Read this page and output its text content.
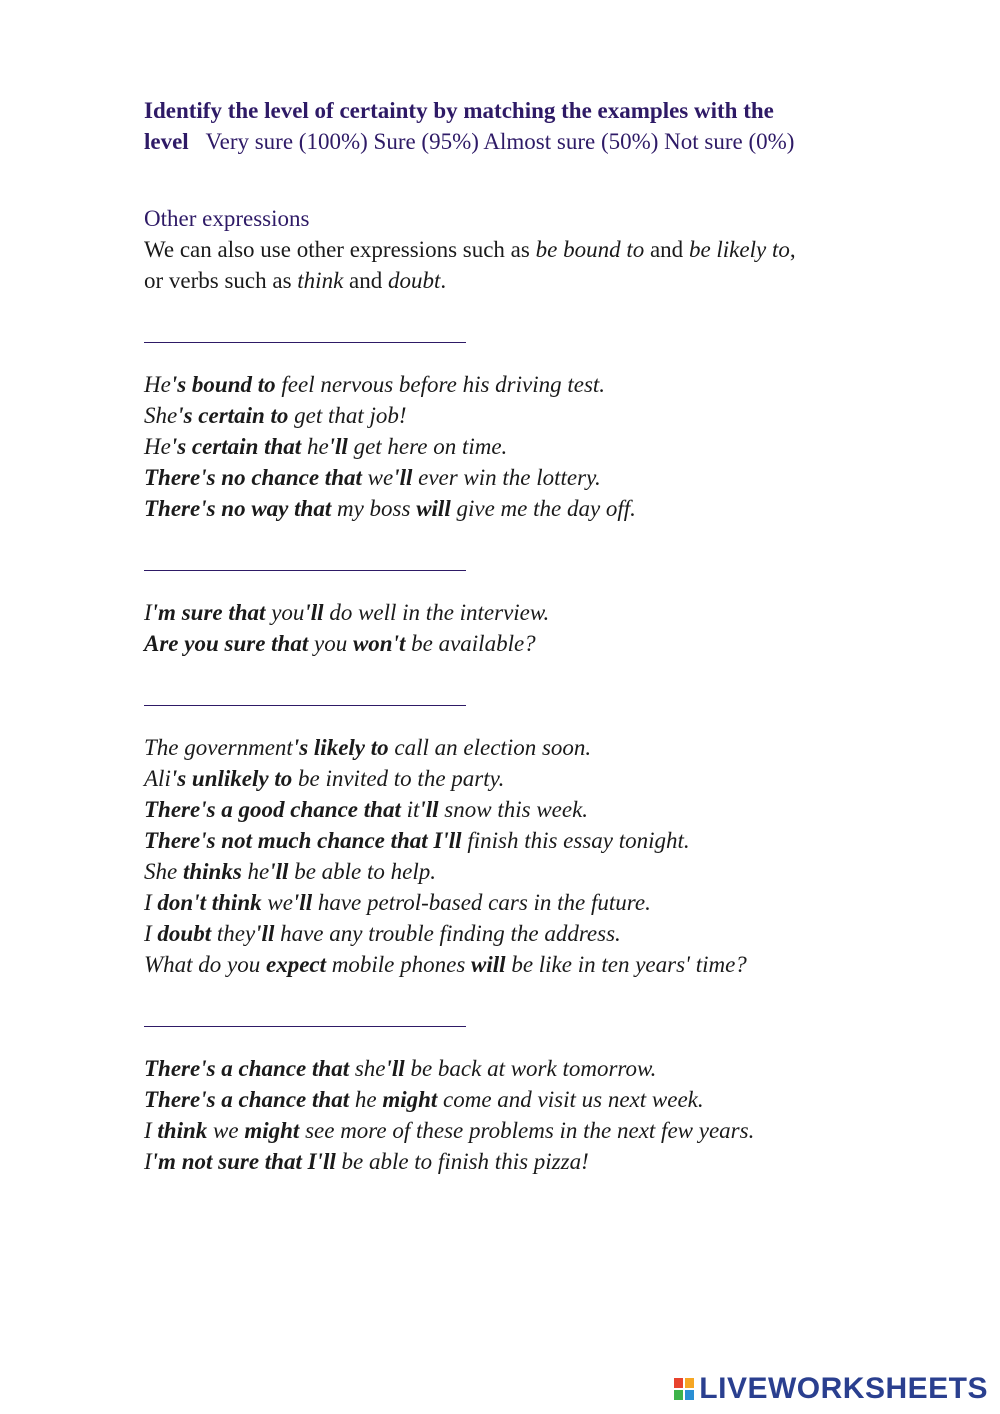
Identify the level of certainty by matching the examples with the
level Very sure (100%) Sure (95%) Almost sure (50%) Not sure (0%)
Other expressions
We can also use other expressions such as be bound to and be likely to,
or verbs such as think and doubt.
He's bound to feel nervous before his driving test.
She's certain to get that job!
He's certain that he'll get here on time.
There's no chance that we'll ever win the lottery.
There's no way that my boss will give me the day off.
I'm sure that you'll do well in the interview.
Are you sure that you won't be available?
The government's likely to call an election soon.
Ali's unlikely to be invited to the party.
There's a good chance that it'll snow this week.
There's not much chance that I'll finish this essay tonight.
She thinks he'll be able to help.
I don't think we'll have petrol-based cars in the future.
I doubt they'll have any trouble finding the address.
What do you expect mobile phones will be like in ten years' time?
There's a chance that she'll be back at work tomorrow.
There's a chance that he might come and visit us next week.
I think we might see more of these problems in the next few years.
I'm not sure that I'll be able to finish this pizza!
LIVEWORKSHEETS
